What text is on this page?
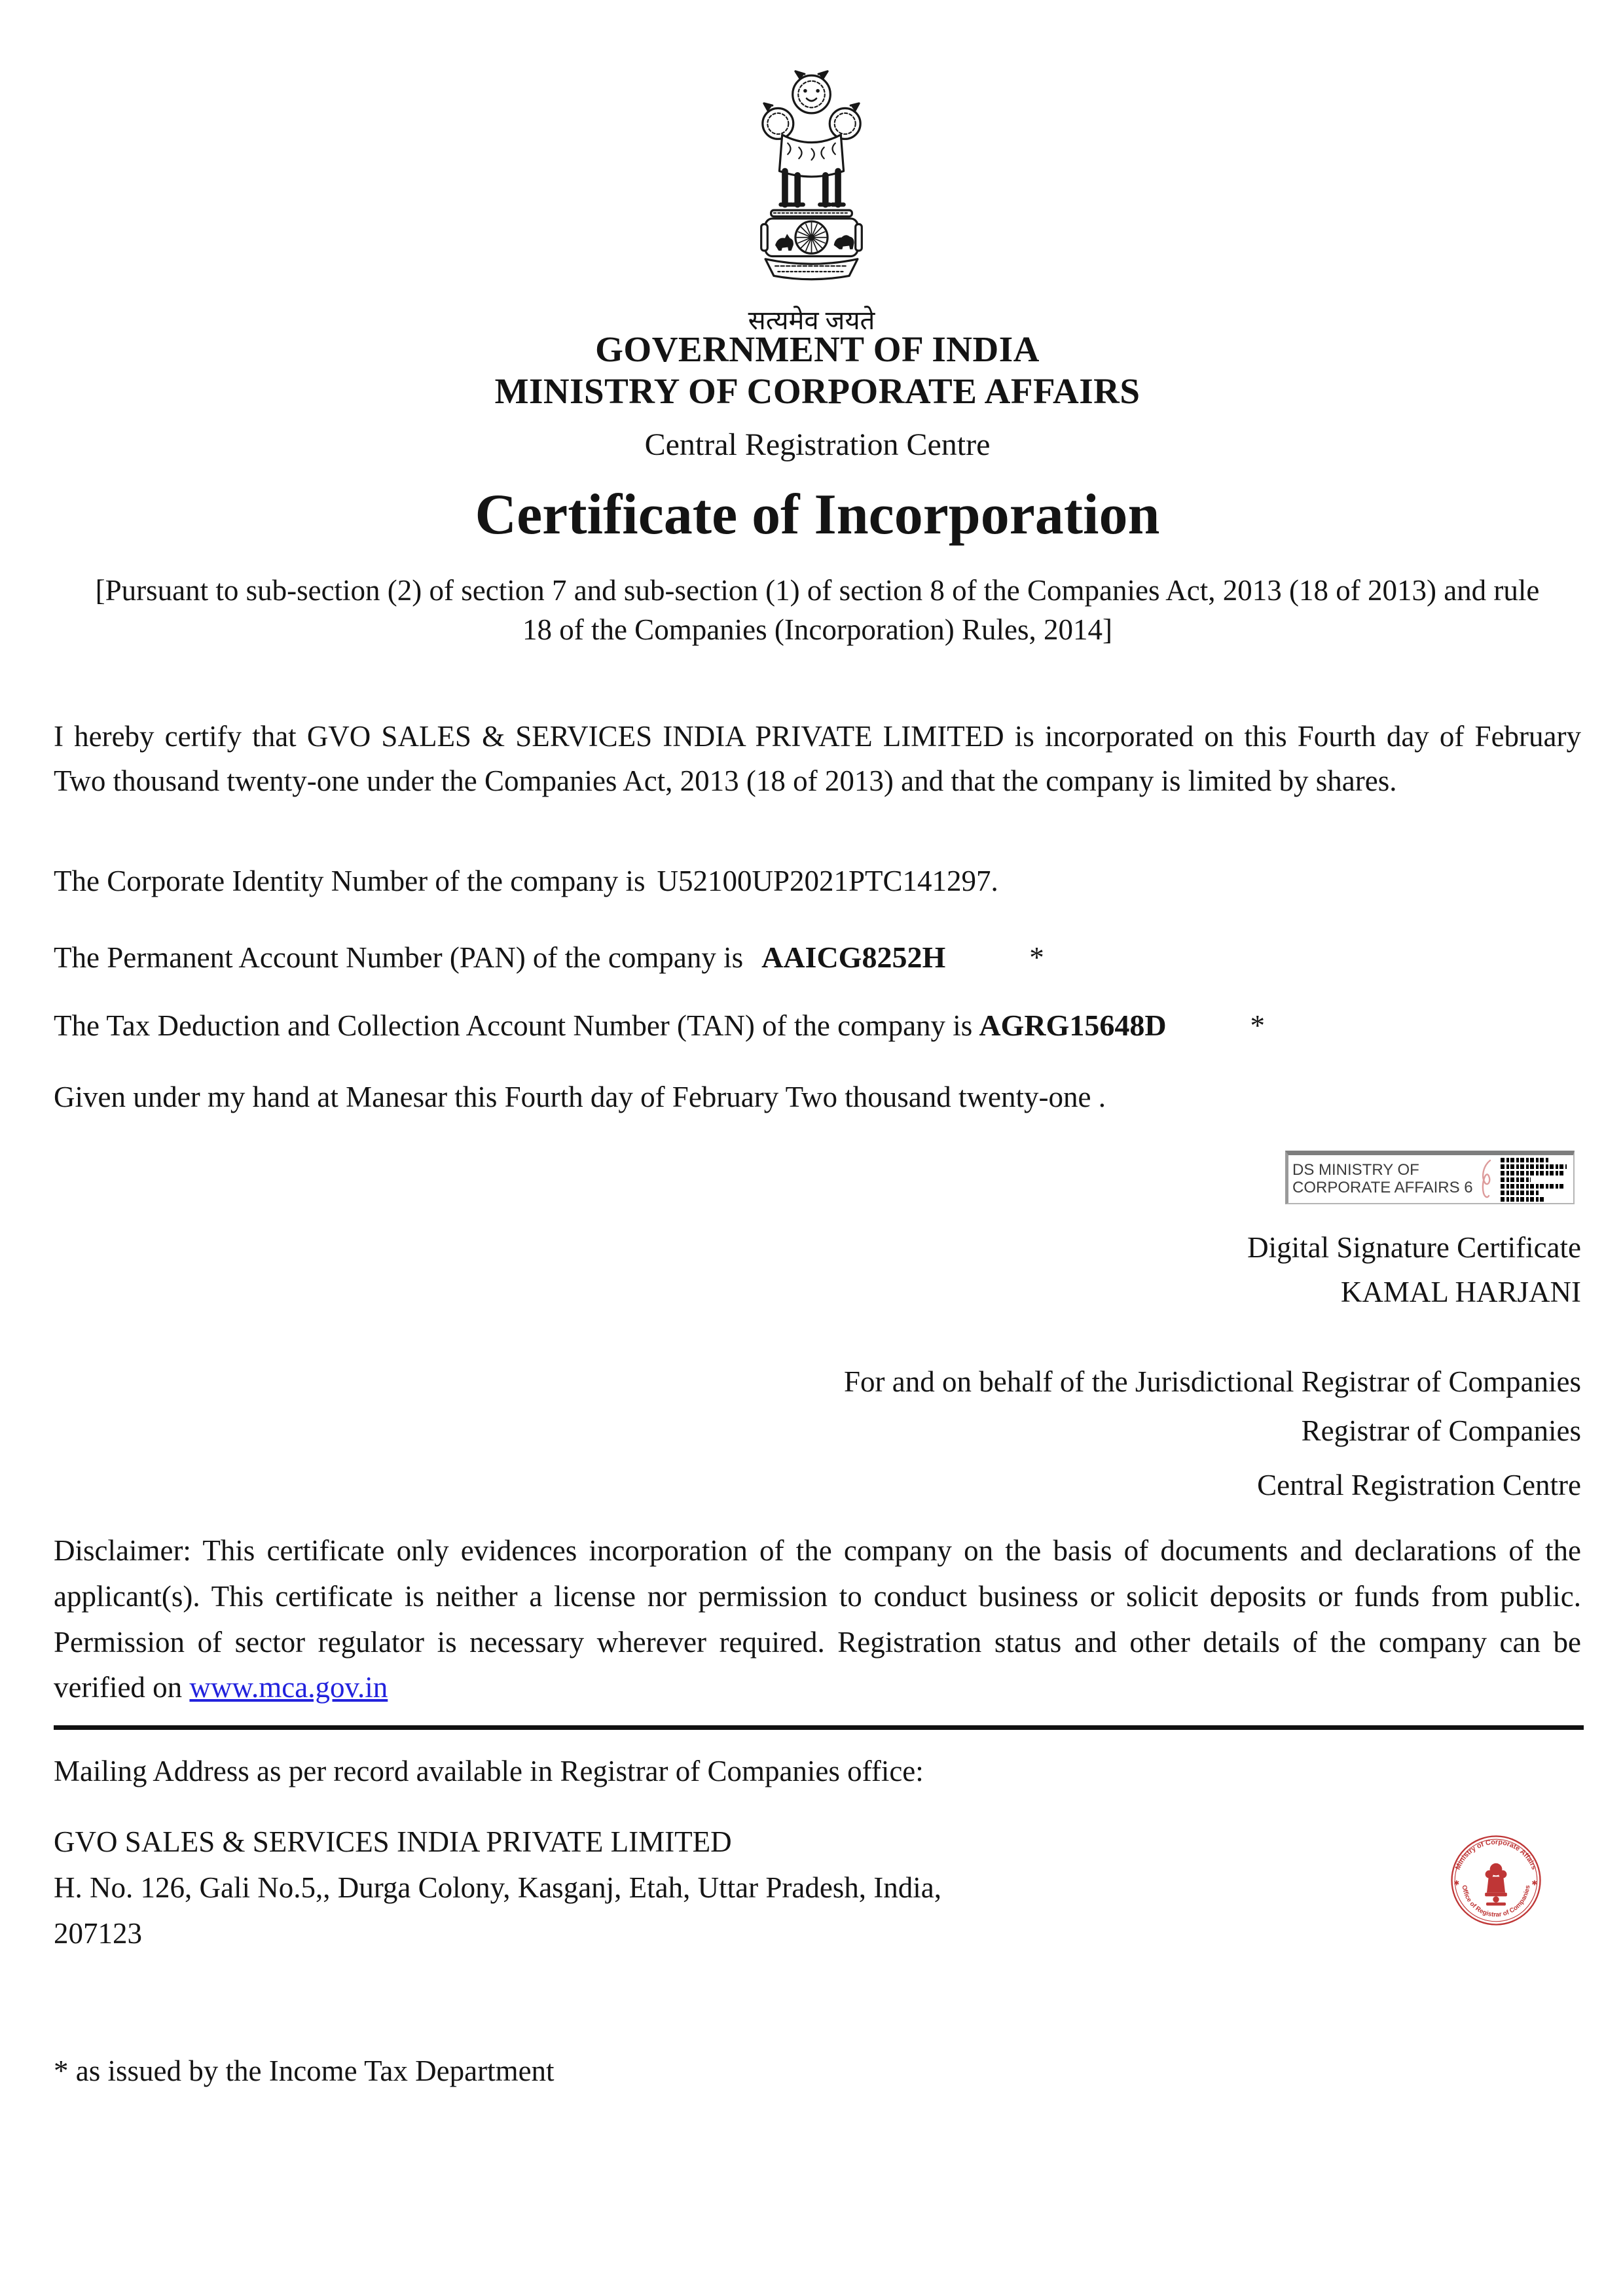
सत्यमेव जयते
GOVERNMENT OF INDIA
MINISTRY OF CORPORATE AFFAIRS
Central Registration Centre
Certificate of Incorporation
[Pursuant to sub-section (2) of section 7 and sub-section (1) of section 8 of the Companies Act, 2013 (18 of 2013) and rule 18 of the Companies (Incorporation) Rules, 2014]
I hereby certify that GVO SALES & SERVICES INDIA PRIVATE LIMITED is incorporated on this Fourth day of February Two thousand twenty-one under the Companies Act, 2013 (18 of 2013) and that the company is limited by shares.
The Corporate Identity Number of the company is U52100UP2021PTC141297.
The Permanent Account Number (PAN) of the company is AAICG8252H	*
The Tax Deduction and Collection Account Number (TAN) of the company is AGRG15648D	*
Given under my hand at Manesar this Fourth day of February Two thousand twenty-one .
DS MINISTRY OF
CORPORATE AFFAIRS 6
Digital Signature Certificate
KAMAL HARJANI
For and on behalf of the Jurisdictional Registrar of Companies
Registrar of Companies
Central Registration Centre
Disclaimer: This certificate only evidences incorporation of the company on the basis of documents and declarations of the applicant(s). This certificate is neither a license nor permission to conduct business or solicit deposits or funds from public. Permission of sector regulator is necessary wherever required. Registration status and other details of the company can be verified on www.mca.gov.in
Mailing Address as per record available in Registrar of Companies office:
GVO SALES & SERVICES INDIA PRIVATE LIMITED
H. No. 126, Gali No.5,, Durga Colony, Kasganj, Etah, Uttar Pradesh, India,
207123
Ministry of Corporate Affairs
Office of Registrar of Companies
✱	✱
* as issued by the Income Tax Department
